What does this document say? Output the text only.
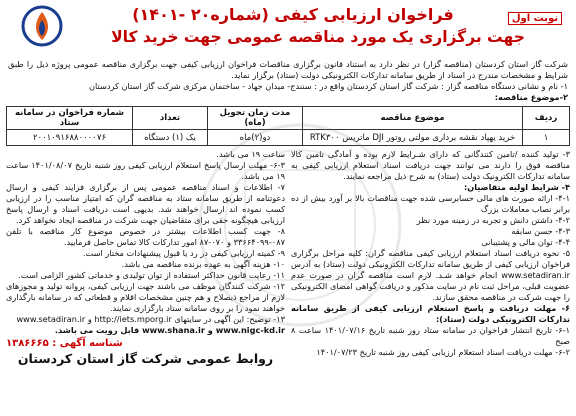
نوبت اول
فراخوان ارزیابی کیفی (شماره۲۰ -۱۴۰۱)
جهت برگزاری یک مورد مناقصه عمومی جهت خرید کالا
شرکت گاز استان کردستان (مناقصه گزار) در نظر دارد به استناد قانون برگزاری مناقصات فراخوان ارزیابی کیفی جهت برگزاری مناقصه عمومی پروژه ذیل را طبق شرایط و مشخصات مندرج در اسناد از طریق سامانه تدارکات الکترونیکی دولت (ستاد) برگزار نماید.
۱- نام و نشانی دستگاه مناقصه گزار : شرکت گاز استان کردستان واقع در : سنندج- میدان جهاد - ساختمان مرکزی شرکت گاز استان کردستان
۲-موضوع مناقصه:
ردیف	موضوع مناقصه	مدت زمان تحویل (ماه)	تعداد	شماره فراخوان در سامانه ستاد
۱	خرید یهپاد نقشه برداری مولتی روتور DJI ماتریس RTK۳۰۰	دو(۲)ماه	یک (۱) دستگاه	۲۰۰۱۰۹۱۶۸۸۰۰۰۰۷۶

۳- تولید کننده /تامین کنندگانی که دارای شـرایط لازم بوده و آمادگی تامین کالا مناقصه فوق را دارند می توانند جهت دریافت اسناد استعلام ارزیابی کیفی به سامانه تدارکات الکترونیک دولت (ستاد) به شرح ذیل مراجعه نمایند.

۴- شرایط اولیه متقاضیان:

۴-۱- ارائه صورت های مالی حسابرسی شده جهت مناقصات بالا بر آورد بیش از ده برابر نصاب معاملات بزرگ

۴-۲- داشتن دانش و تجربه در زمینه مورد نظر

۴-۳- حسن سابقه

۴-۴- توان مالی و پشتیبانی

۵- نحوه دریافت اسناد استعلام ارزیابی کیفی مناقصه گران: کلیه مراحل برگزاری فراخوان ارزیابی کیفی از طریق سامانه تدارکات الکترونیکی دولت (ستاد) به آدرس www.setadiran.ir انجام خواهد شـد. لازم است مناقصه گران در صورت عدم عضویت قبلی، مراحل ثبت نام در سایت مذکور و دریافت گواهی امضای الکترونیکی را جهت شرکت در مناقصه محقق سازند.

۶- مهلت دریافت و پاسخ استعلام ارزیابی کیفی از طریق سامانه تدارکات الکترونیکی دولت (ستاد):

۶-۱- تاریخ انتشار فراخوان در سامانه ستاد روز شنبه تاریخ ۱۴۰۱/۰۷/۱۶ ساعت ۸ صبح

۶-۲- مهلت دریافت اسناد استعلام ارزیابی کیفی روز شنبه تاریخ ۱۴۰۱/۰۷/۲۳

ساعت ۱۹ می باشد.

۶-۳- مهلت ارسال پاسخ استعلام ارزیابی کیفی روز شنبه تاریخ ۱۴۰۱/۰۸/۰۷ ساعت ۱۹ می باشد.

۷- اطلاعات و اسناد مناقصه عمومی پس از برگزاری فرایند کیفی و ارسال دعوتنامه از طریق سامانه ستاد به مناقصه گران که امتیاز مناسب را در ارزیابی کسب نموده اند ارسال خواهند شد. بدیهی است دریافت اسناد و ارسال پاسخ ارزیابی هیچگونه حقی برای متقاضیان جهت شرکت در مناقصه ایجاد نخواهد کرد.

۸- جهت کسب اطلاعات بیشتر در خصوص موضوع کار مناقصه با تلفن ۰۸۷-۳۳۶۶۴۰۹۹ و ۰۷۰-۸۷ امور تدارکات کالا تماس حاصل فرمایید.

۹- کمیته ارزیابی کیفی در رد یا قبول پیشنهادات مختار است.

۱۰- هزینه آگهی به عهده برنده مناقصه می باشد.

۱۱- رعایت قانون حداکثر استفاده از توان تولیدی و خدماتی کشور الزامی است.

۱۲- شرکت کنندگان موظف می باشند جهت ارزیابی کیفی، پروانه تولید و مجوزهای لازم از مراجع ذیصلاح و هم چنین مشخصات اقلام و قطعاتی که در سامانه بارگذاری خواهند نمود را بر روی سامانه ستاد بارگزاری نمایند.

۱۳- توضیح: این آگهی در سایتهای http://iets.mporg.ir و www.setadiran.ir

www.nigc-kd.ir و www.shana.ir قابل رویت می باشد.

شناسه آگهی : ۱۳۸۶۶۶۵
روابط عمومی شرکت گاز استان کردستان
